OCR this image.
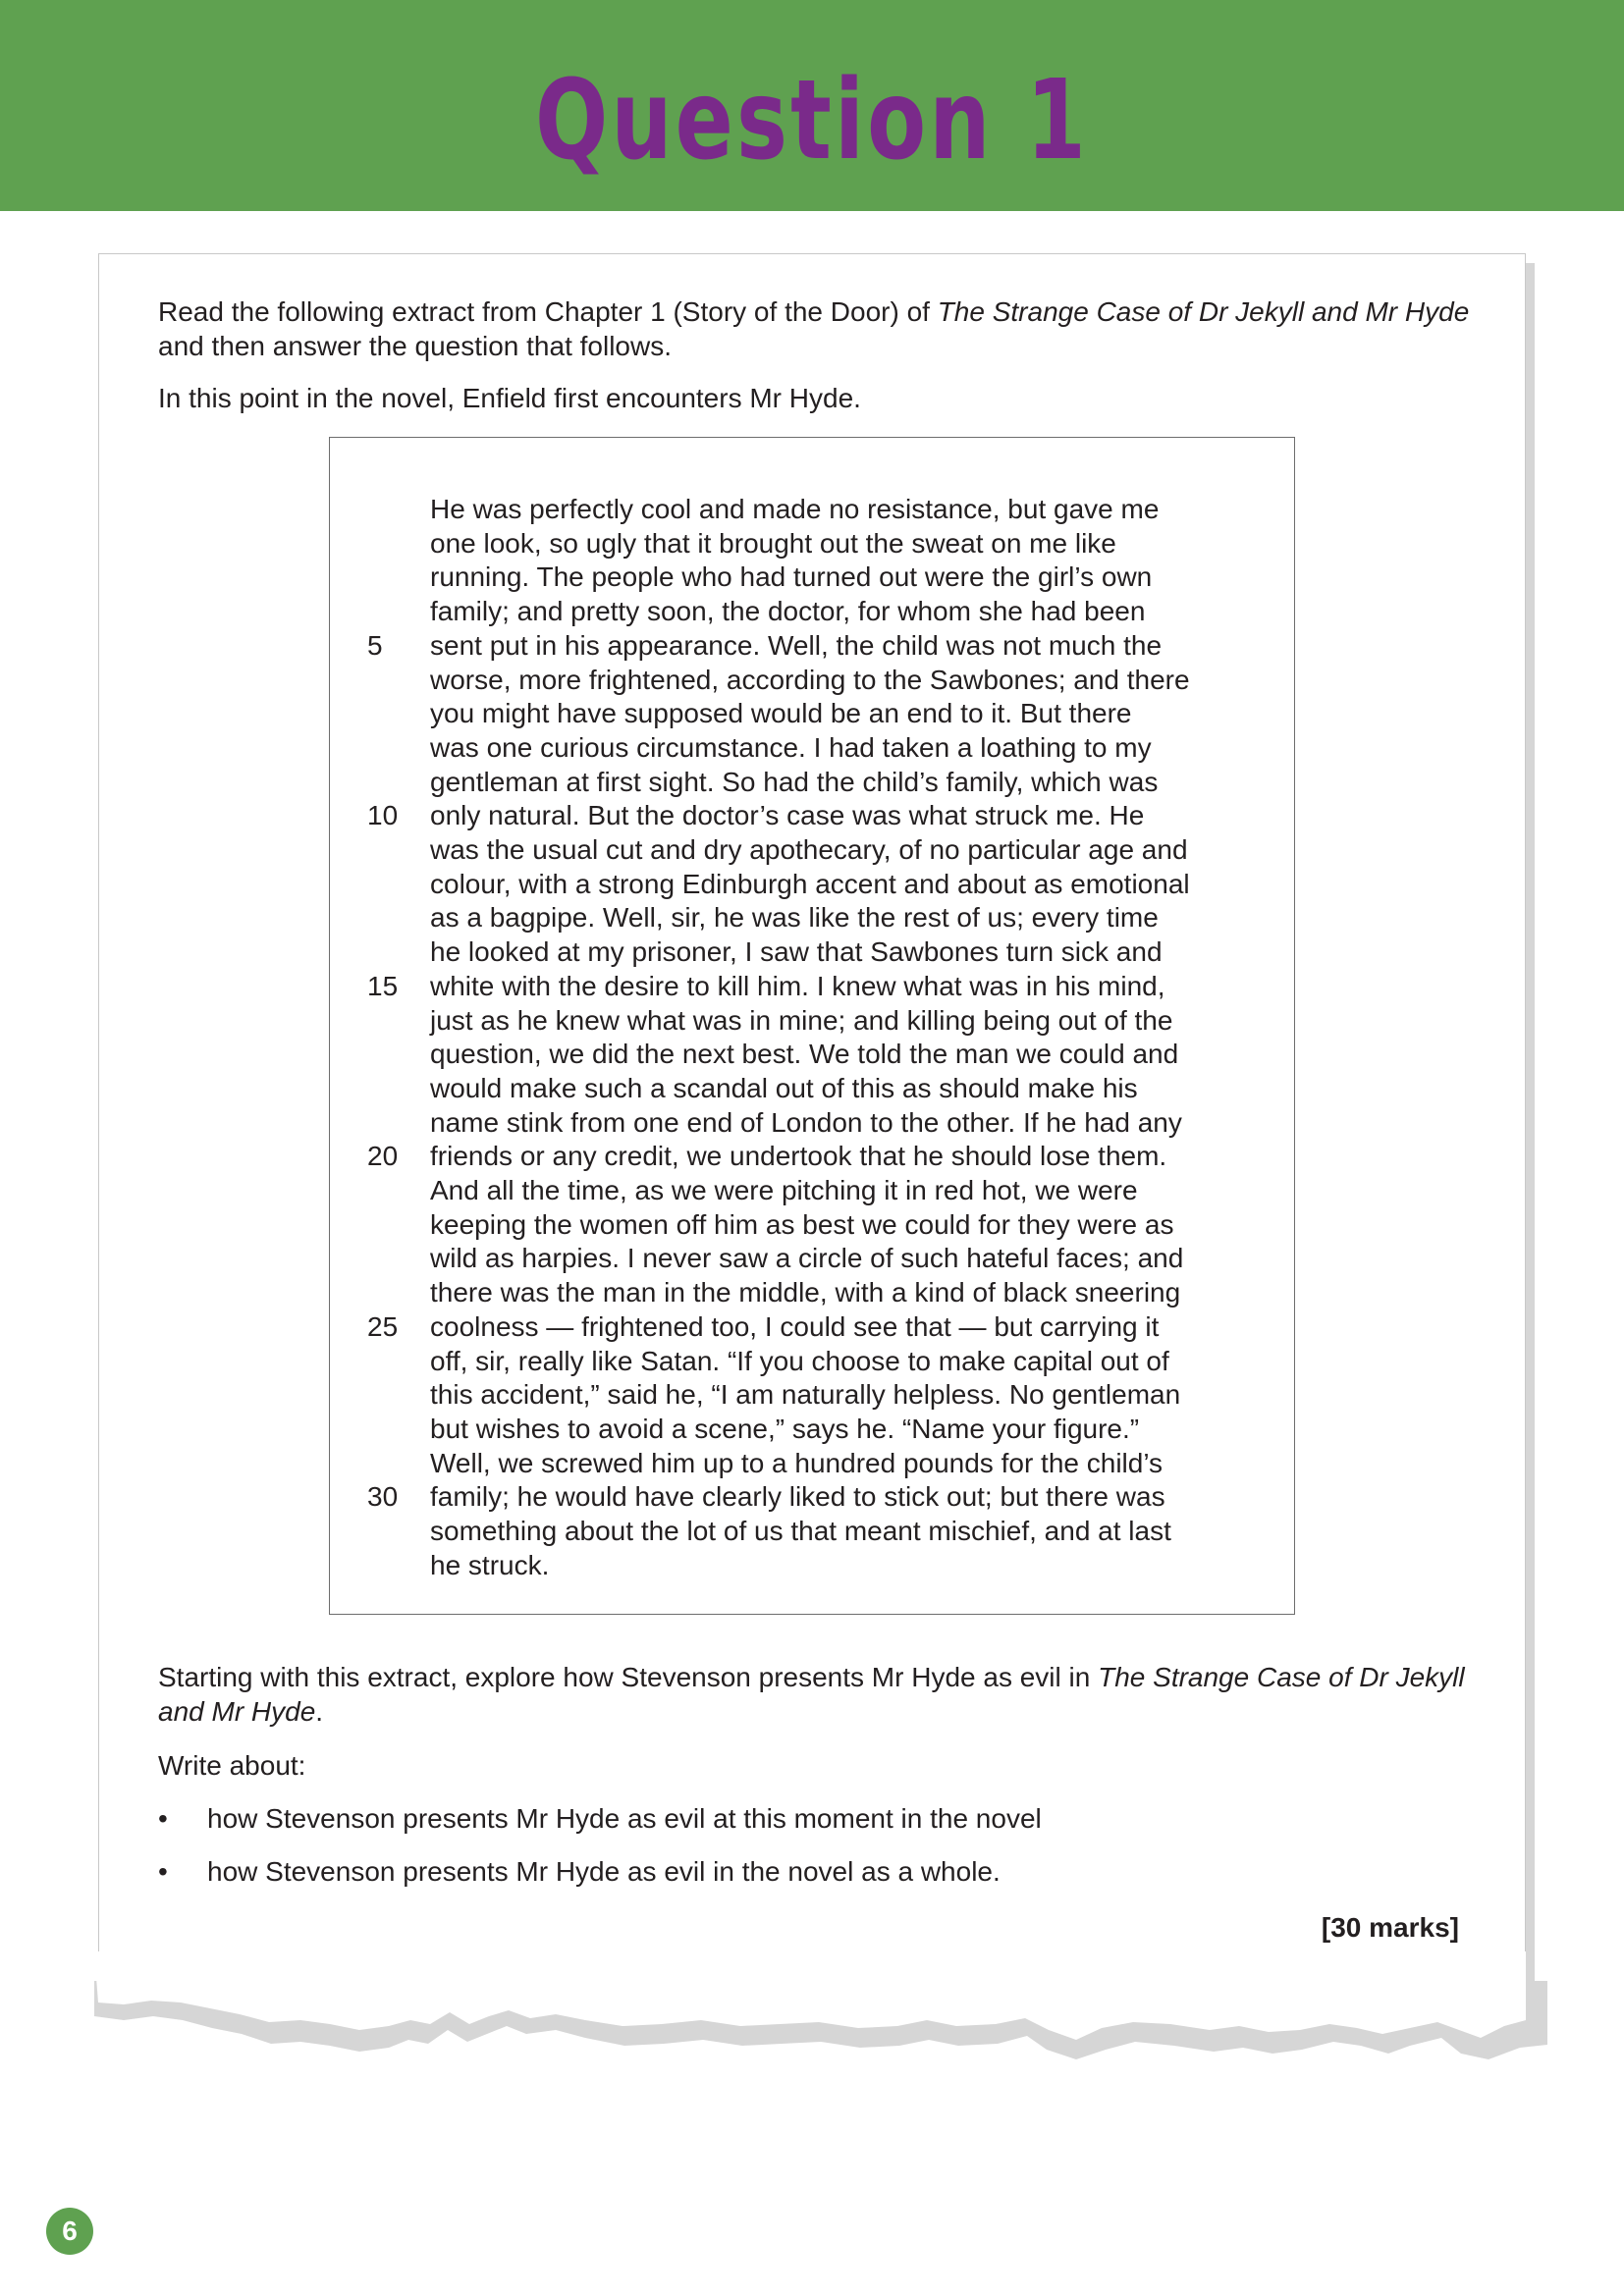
Question 1

Read the following extract from Chapter 1 (Story of the Door) of The Strange Case of Dr Jekyll and Mr Hyde and then answer the question that follows.

In this point in the novel, Enfield first encounters Mr Hyde.

He was perfectly cool and made no resistance, but gave me
one look, so ugly that it brought out the sweat on me like
running. The people who had turned out were the girl’s own
family; and pretty soon, the doctor, for whom she had been
sent put in his appearance. Well, the child was not much the
worse, more frightened, according to the Sawbones; and there
you might have supposed would be an end to it. But there
was one curious circumstance. I had taken a loathing to my
gentleman at first sight. So had the child’s family, which was
only natural. But the doctor’s case was what struck me. He
was the usual cut and dry apothecary, of no particular age and
colour, with a strong Edinburgh accent and about as emotional
as a bagpipe. Well, sir, he was like the rest of us; every time
he looked at my prisoner, I saw that Sawbones turn sick and
white with the desire to kill him. I knew what was in his mind,
just as he knew what was in mine; and killing being out of the
question, we did the next best. We told the man we could and
would make such a scandal out of this as should make his
name stink from one end of London to the other. If he had any
friends or any credit, we undertook that he should lose them.
And all the time, as we were pitching it in red hot, we were
keeping the women off him as best we could for they were as
wild as harpies. I never saw a circle of such hateful faces; and
there was the man in the middle, with a kind of black sneering
coolness — frightened too, I could see that — but carrying it
off, sir, really like Satan. “If you choose to make capital out of
this accident,” said he, “I am naturally helpless. No gentleman
but wishes to avoid a scene,” says he. “Name your figure.”
Well, we screwed him up to a hundred pounds for the child’s
family; he would have clearly liked to stick out; but there was
something about the lot of us that meant mischief, and at last
he struck.
5
10
15
20
25
30

Starting with this extract, explore how Stevenson presents Mr Hyde as evil in The Strange Case of Dr Jekyll and Mr Hyde.

Write about:

•	how Stevenson presents Mr Hyde as evil at this moment in the novel
•	how Stevenson presents Mr Hyde as evil in the novel as a whole.
[30 marks]
6
